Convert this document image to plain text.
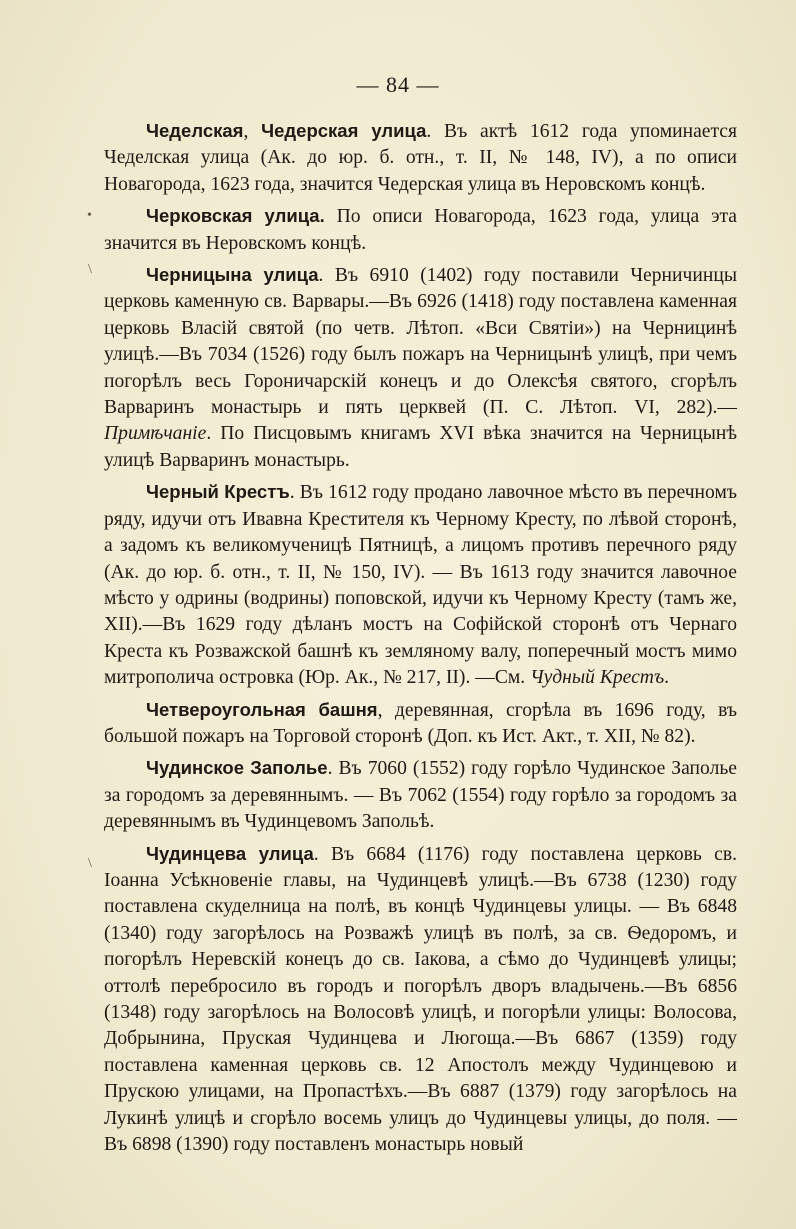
•
\
\
— 84 —

Чеделская, Чедерская улица. Въ актѣ 1612 года упоминается Чеделская улица (Ак. до юр. б. отн., т. II, № 148, IV), а по описи Новагорода, 1623 года, значится Чедерская улица въ Неровскомъ концѣ.

Черковская улица. По описи Новагорода, 1623 года, улица эта значится въ Неровскомъ концѣ.

Черницына улица. Въ 6910 (1402) году поставили Черничинцы церковь каменную св. Варвары.—Въ 6926 (1418) году поставлена каменная церковь Власій святой (по четв. Лѣтоп. «Вси Святіи») на Черницинѣ улицѣ.—Въ 7034 (1526) году былъ пожаръ на Черницынѣ улицѣ, при чемъ погорѣлъ весь Гороничарскій конецъ и до Олексѣя святого, сгорѣлъ Варваринъ монастырь и пять церквей (П. С. Лѣтоп. VI, 282).—Примѣчаніе. По Писцовымъ книгамъ XVI вѣка значится на Черницынѣ улицѣ Варваринъ монастырь.

Черный Крестъ. Въ 1612 году продано лавочное мѣсто въ перечномъ ряду, идучи отъ Ивавна Крестителя къ Черному Кресту, по лѣвой сторонѣ, а задомъ къ великомученицѣ Пятницѣ, а лицомъ противъ перечного ряду (Ак. до юр. б. отн., т. II, № 150, IV). — Въ 1613 году значится лавочное мѣсто у одрины (водрины) поповской, идучи къ Черному Кресту (тамъ же, XII).—Въ 1629 году дѣланъ мостъ на Софійской сторонѣ отъ Чернаго Креста къ Розважской башнѣ къ земляному валу, поперечный мостъ мимо митрополича островка (Юр. Ак., № 217, II). —См. Чудный Крестъ.

Четвероугольная башня, деревянная, сгорѣла въ 1696 году, въ большой пожаръ на Торговой сторонѣ (Доп. къ Ист. Акт., т. XII, № 82).

Чудинское Заполье. Въ 7060 (1552) году горѣло Чудинское Заполье за городомъ за деревяннымъ. — Въ 7062 (1554) году горѣло за городомъ за деревяннымъ въ Чудинцевомъ Запольѣ.

Чудинцева улица. Въ 6684 (1176) году поставлена церковь св. Іоанна Усѣкновеніе главы, на Чудинцевѣ улицѣ.—Въ 6738 (1230) году поставлена скуделница на полѣ, въ концѣ Чудинцевы улицы. — Въ 6848 (1340) году загорѣлось на Розважѣ улицѣ въ полѣ, за св. Ѳедоромъ, и погорѣлъ Неревскій конецъ до св. Іакова, а сѣмо до Чудинцевѣ улицы; оттолѣ перебросило въ городъ и погорѣлъ дворъ владычень.—Въ 6856 (1348) году загорѣлось на Волосовѣ улицѣ, и погорѣли улицы: Волосова, Добрынина, Пруская Чудинцева и Люгоща.—Въ 6867 (1359) году поставлена каменная церковь св. 12 Апостолъ между Чудинцевою и Прускою улицами, на Пропастѣхъ.—Въ 6887 (1379) году загорѣлось на Лукинѣ улицѣ и сгорѣло восемь улицъ до Чудинцевы улицы, до поля. — Въ 6898 (1390) году поставленъ монастырь новый
